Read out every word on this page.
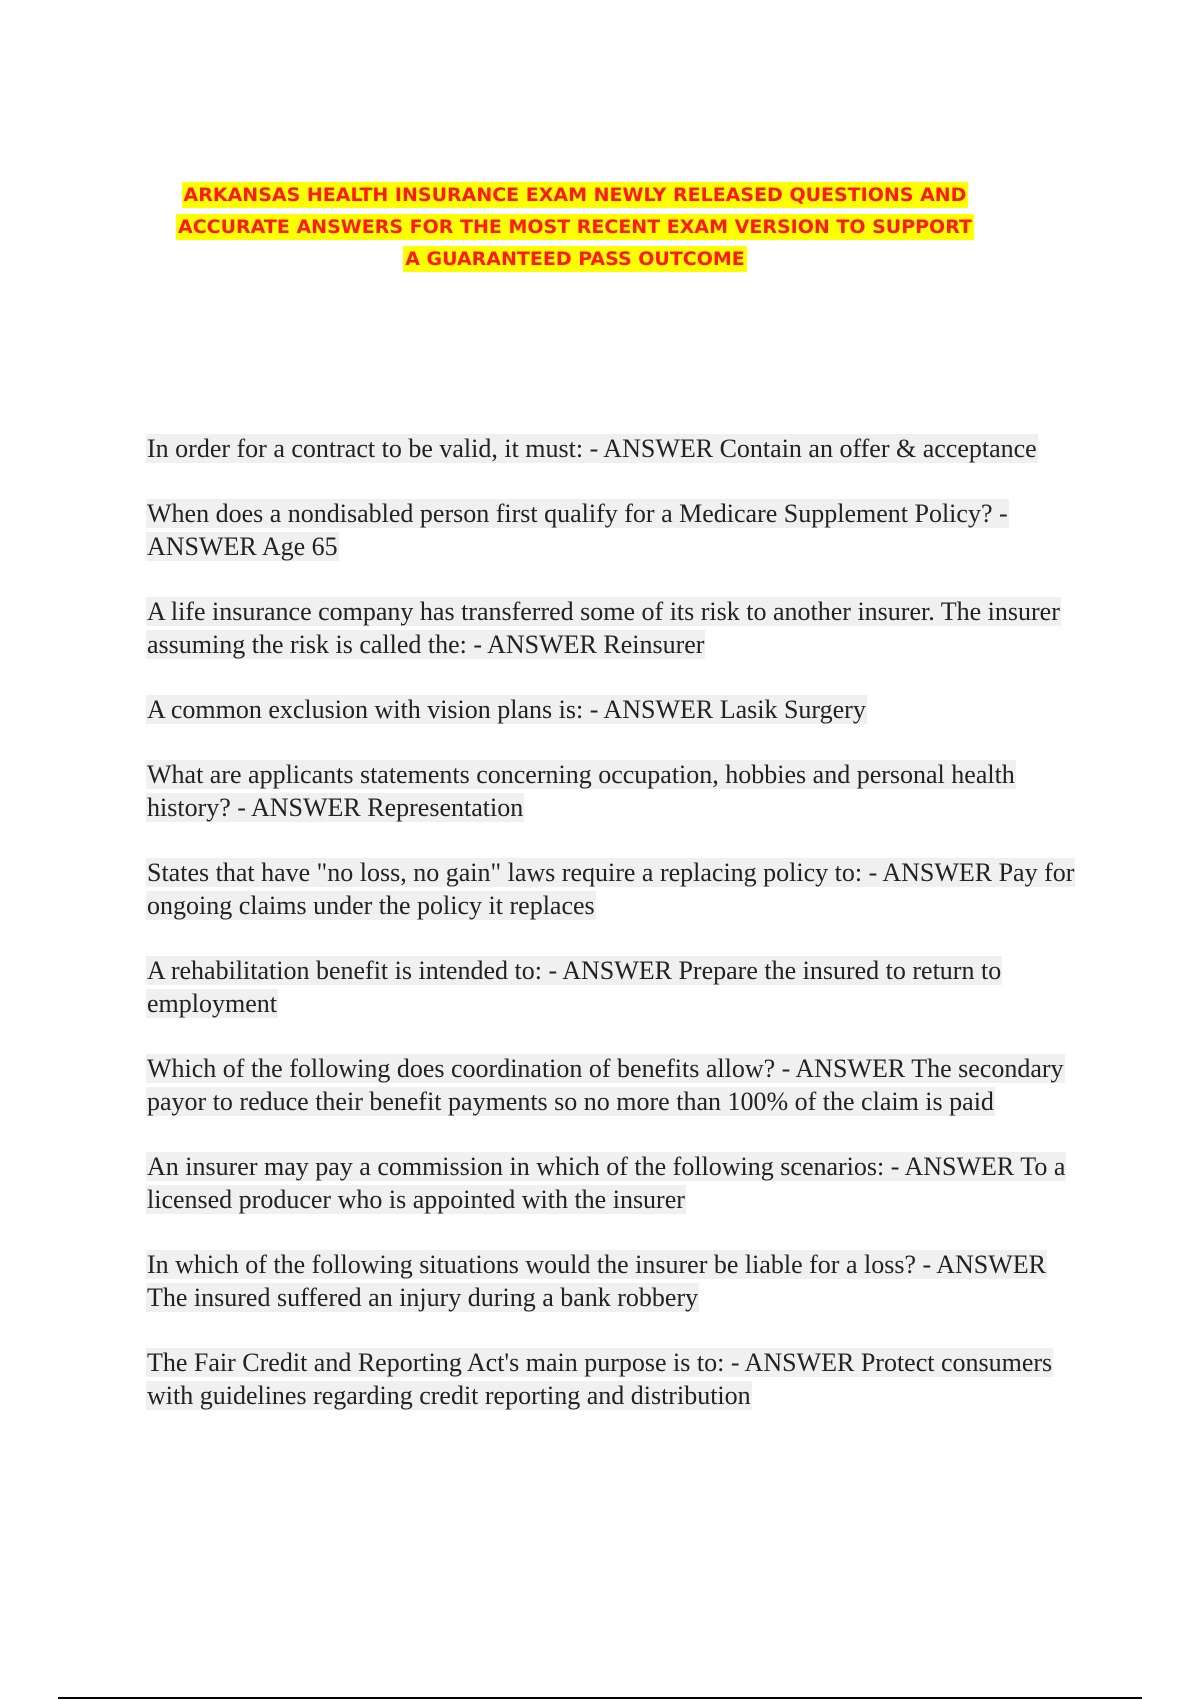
ARKANSAS HEALTH INSURANCE EXAM NEWLY RELEASED QUESTIONS AND
ACCURATE ANSWERS FOR THE MOST RECENT EXAM VERSION TO SUPPORT
A GUARANTEED PASS OUTCOME

In order for a contract to be valid, it must: - ANSWER Contain an offer & acceptance

When does a nondisabled person first qualify for a Medicare Supplement Policy? - ANSWER Age 65

A life insurance company has transferred some of its risk to another insurer. The insurer assuming the risk is called the: - ANSWER Reinsurer

A common exclusion with vision plans is: - ANSWER Lasik Surgery

What are applicants statements concerning occupation, hobbies and personal health history? - ANSWER Representation

States that have "no loss, no gain" laws require a replacing policy to: - ANSWER Pay for ongoing claims under the policy it replaces

A rehabilitation benefit is intended to: - ANSWER Prepare the insured to return to employment

Which of the following does coordination of benefits allow? - ANSWER The secondary payor to reduce their benefit payments so no more than 100% of the claim is paid

An insurer may pay a commission in which of the following scenarios: - ANSWER To a licensed producer who is appointed with the insurer

In which of the following situations would the insurer be liable for a loss? - ANSWER The insured suffered an injury during a bank robbery

The Fair Credit and Reporting Act's main purpose is to: - ANSWER Protect consumers with guidelines regarding credit reporting and distribution
